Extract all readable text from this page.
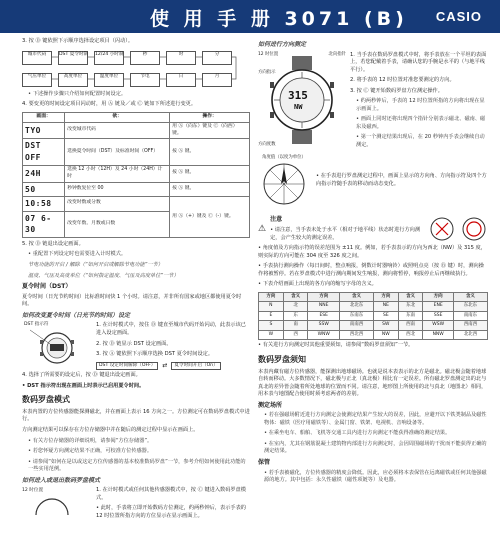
使 用 手 册 3071 (B) CASIO

3. 按 Ⓓ 键依照下示顺序选择设定项目（闪动）。

城市代码	DST 夏令时制 12/24 小时制	秒	时	分
气压单位	高度单位	温度单位	节电	日	月

• 下述操作步骤只介绍如何配置时间设定。

4. 要变更的时间设定项目闪动时，用 Ⓐ 链及／或 Ⓒ 链如下所述进行变更。

画面：	欲：	操作：
TYO	改变城市代码	用 Ⓐ（向东）键及 Ⓒ（向西）键。
DST OFF	选换夏令时间（DST）及标准时间（OFF）	按 Ⓐ 键。
24H	选换 12 小时（12H）及 24 小时（24H）计时	按 Ⓐ 键。
50	秒钟数复位至 00	按 Ⓐ 键。
10:58	改变时数或分数	用 Ⓐ（+）键及 Ⓒ（-）键。
07 6-30	改变年数、月数或日数	

5. 按 Ⓓ 链退出设定画面。

• 重配置下列设定时也需要进入计时模式。

节电功能的开启 / 解除（“如何开启或解除节电功能”一节）

温度、气压及高度单位（“如何指定温度、气压及高度单位”一节）

夏令时间（DST）

夏令时间（日光节约时间）比标准时间快 1 个小时。请注意，并非所有国家或地区都使用夏令时间。

如何改变夏令时间（日光节约时间）设定
DST 指示符	1. 在计时模式中，按住 Ⓓ 键直至城市代码开始闪动，此表示该已进入设定画面。

2. 按 Ⓓ 链显示 DST 设定画面。

3. 按 Ⓐ 键依照下示顺序选换 DST 夏令时间设定。

DST 设定时间解除（OFF）	⇄	夏令时间开启（On）

4. 选择了所需要的设定后，按 Ⓓ 键退出设定画面。

• DST 指示符出现在画面上时表示已启用夏令时间。

数码罗盘模式

本表内置的方位传感器能探测磁北，并在画面上表示 16 方向之一。方位测定可在数码罗盘模式中进行。

方向测定结果可以保存在方位存储器中并在随后的测定过程中显示在画面上。

• 有关方位存储器的详细说明，请参阅“方位存储器”。

• 若您怀疑方向测定结果不正确，可校准方位传感器。

• 请参阅“如何在是以或这定方位传感器的基本校准数码罗盘”一节，参考介绍如何使用此功能的一些实用范例。

如何进入或退出数码罗盘模式
12 时位置	1. 在计时模式或任何其他传感器模式中，按 Ⓒ 键进入数码罗盘模式。

• 此时，手表将立即开始数码方位测定，约两秒钟后，表示手表的 12 时位置所指方向的方位显示在显示画面上。

如何进行方向测定
12 时位置
方向指示
北向指针
方向度数
315
NW

1. 当手表在数码罗盘模式中时，将手表放在一个平坦的表面上，若您配戴着手表，请确认您的手腕是水平的（与地平线平行）。

2. 将手表的 12 时位置对准您要测定的方向。

3. 按 Ⓒ 键开始数码罗盘方位测定操作。

• 约两秒钟后，手表的 12 时位置所指的方向将出现在显示画面上。

• 画面上同时还将出现四个指针分别表示磁北、磁南、磁东及磁西。

• 第一个测定结果出现后，在 20 秒钟内手表会继续自动测定。

角度值（以度为单位）

• 在手表进行罗盘测定过程中，画面上显示的方向角、方向指示符及四个方向指示符随手表的移动而动态变化。

⚠
注意

• 请注意，当手表未处于水平（相对于地平线）状态时进行方向测定，会产生较大的测定误差。

• 角度值及方向指示符的误差范围为 ±11 度。例如，若手表表示的方向为西北（NW）及 315 度，则实际的方向可能在 304 度至 326 度之间。

• 手表执行测向操作（每日间时，整点响报，倒数计时器响铃）或照明点亮（按 Ⓑ 键）时，测向操作将被暂停。若在罗盘模式中进行测向期间发生响报，测向将暂停，响报停止后再继续执行。

• 下表介绍画面上出现的各方向的缩写字母的含义。

方向	含义	方向	含义	方向	含义	方向	含义
N	北	NNE	北北东	NE	东北	ENE	东北东
E	东	ESE	东南东	SE	东南	SSE	南南东
S	南	SSW	南南西	SW	西南	WSW	西南西
W	西	WNW	西北西	NW	西北	NNW	北北西

• 有关进行方向测定时其他重要须知，请参阅“数码罗盘须知”一节。

数码罗盘须知

本表内藏有磁方位传感器，能探测出地球磁场。也就是说本表表示的北方是磁北。磁北极会随着地球自转而移动。大多数情况下，磁北极与正北（真北极）相比有一定误差。所有磁北罗盘测定出的北与真北的差异皆会随着所处地球的位置而不同。请注意，地形图上所使用的北与真北（地图北）相同，用本表与地图配合使用时须考虑两者的差别。

测定场所

• 若在强磁场附近进行方向测定会使测定结果产生较大的误差，因此，应避开以下铁类制品及磁性物体：磁铁（医疗用磁铁等）、金属门窗、铁架、电视机、音响设备等。

• 在乘坐电车、船舶、飞机等交通工具内进行方向测定不能获得准确的测定结果。

• 在室内，尤其在钢筋混凝土建筑物内部进行方向测定时，会因周围磁场的干扰而不能获得正确的测定结果。

保管

• 若手表被磁化，方位传感器的精度会降低。因此，应必须将本表保管在远离磁铁或任何其他强磁源的地方。其中包括：永久性磁铁（磁性项链等）及电器。
